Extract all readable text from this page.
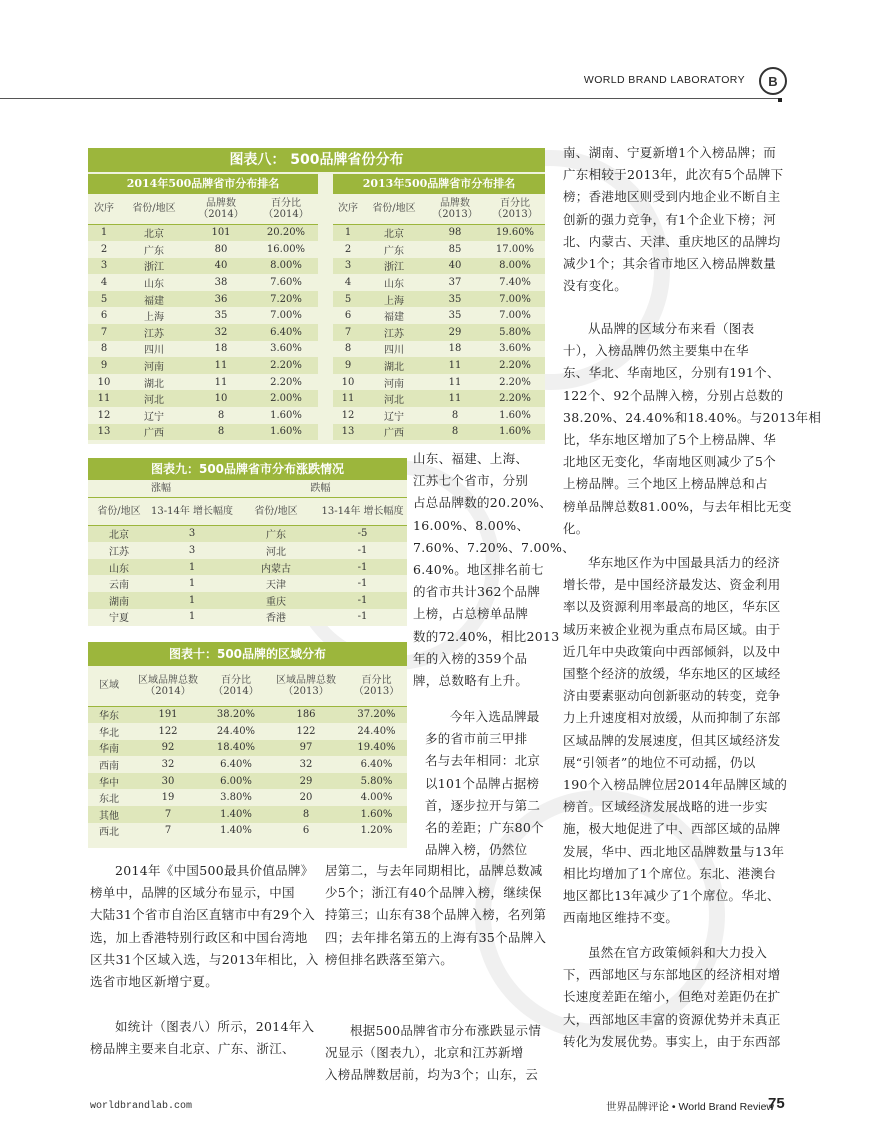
WORLD BRAND LABORATORY	B
图表八： 500品牌省份分布
2014年500品牌省市分布排名	2013年500品牌省市分布排名
次序	省份/地区	品牌数（2014）	百分比（2014）
1	北京	101	20.20%
2	广东	80	16.00%
3	浙江	40	8.00%
4	山东	38	7.60%
5	福建	36	7.20%
6	上海	35	7.00%
7	江苏	32	6.40%
8	四川	18	3.60%
9	河南	11	2.20%
10	湖北	11	2.20%
11	河北	10	2.00%
12	辽宁	8	1.60%
13	广西	8	1.60%
次序	省份/地区	品牌数（2013）	百分比（2013）
1	北京	98	19.60%
2	广东	85	17.00%
3	浙江	40	8.00%
4	山东	37	7.40%
5	上海	35	7.00%
6	福建	35	7.00%
7	江苏	29	5.80%
8	四川	18	3.60%
9	湖北	11	2.20%
10	河南	11	2.20%
11	河北	11	2.20%
12	辽宁	8	1.60%
13	广西	8	1.60%
图表九：500品牌省市分布涨跌情况
涨幅		跌幅	
省份/地区	13-14年 增长幅度	省份/地区	13-14年 增长幅度
北京	3	广东	-5
江苏	3	河北	-1
山东	1	内蒙古	-1
云南	1	天津	-1
湖南	1	重庆	-1
宁夏	1	香港	-1
图表十：500品牌的区域分布
区域	区域品牌总数（2014）	百分比（2014）	区域品牌总数（2013）	百分比（2013）
华东	191	38.20%	186	37.20%
华北	122	24.40%	122	24.40%
华南	92	18.40%	97	19.40%
西南	32	6.40%	32	6.40%
华中	30	6.00%	29	5.80%
东北	19	3.80%	20	4.00%
其他	7	1.40%	8	1.60%
西北	7	1.40%	6	1.20%
山东、福建、上海、
江苏七个省市，分别
占总品牌数的20.20%、
16.00%、8.00%、
7.60%、7.20%、7.00%、
6.40%。地区排名前七
的省市共计362个品牌
上榜，占总榜单品牌
数的72.40%，相比2013
年的入榜的359个品
牌，总数略有上升。
今年入选品牌最
多的省市前三甲排
名与去年相同：北京
以101个品牌占据榜
首，逐步拉开与第二
名的差距；广东80个
品牌入榜，仍然位
居第二，与去年同期相比，品牌总数减
少5个；浙江有40个品牌入榜，继续保
持第三；山东有38个品牌入榜，名列第
四；去年排名第五的上海有35个品牌入
榜但排名跌落至第六。
根据500品牌省市分布涨跌显示情
况显示（图表九），北京和江苏新增
入榜品牌数居前，均为3个；山东，云
2014年《中国500最具价值品牌》
榜单中，品牌的区域分布显示，中国
大陆31个省市自治区直辖市中有29个入
选，加上香港特别行政区和中国台湾地
区共31个区域入选，与2013年相比，入
选省市地区新增宁夏。
如统计（图表八）所示，2014年入
榜品牌主要来自北京、广东、浙江、
南、湖南、宁夏新增1个入榜品牌；而
广东相较于2013年，此次有5个品牌下
榜；香港地区则受到内地企业不断自主
创新的强力竞争，有1个企业下榜；河
北、内蒙古、天津、重庆地区的品牌均
减少1个；其余省市地区入榜品牌数量
没有变化。
从品牌的区域分布来看（图表
十），入榜品牌仍然主要集中在华
东、华北、华南地区，分别有191个、
122个、92个品牌入榜，分别占总数的
38.20%、24.40%和18.40%。与2013年相
比，华东地区增加了5个上榜品牌、华
北地区无变化，华南地区则减少了5个
上榜品牌。三个地区上榜品牌总和占
榜单品牌总数81.00%，与去年相比无变
化。
华东地区作为中国最具活力的经济
增长带，是中国经济最发达、资金利用
率以及资源利用率最高的地区，华东区
域历来被企业视为重点布局区域。由于
近几年中央政策向中西部倾斜，以及中
国整个经济的放缓，华东地区的区域经
济由要素驱动向创新驱动的转变，竞争
力上升速度相对放缓，从而抑制了东部
区域品牌的发展速度，但其区域经济发
展“引领者”的地位不可动摇，仍以
190个入榜品牌位居2014年品牌区域的
榜首。区域经济发展战略的进一步实
施，极大地促进了中、西部区域的品牌
发展，华中、西北地区品牌数量与13年
相比均增加了1个席位。东北、港澳台
地区都比13年减少了1个席位。华北、
西南地区维持不变。
虽然在官方政策倾斜和大力投入
下，西部地区与东部地区的经济相对增
长速度差距在缩小，但绝对差距仍在扩
大，西部地区丰富的资源优势并未真正
转化为发展优势。事实上，由于东西部
worldbrandlab.com	世界品牌评论 • World Brand Review
75
